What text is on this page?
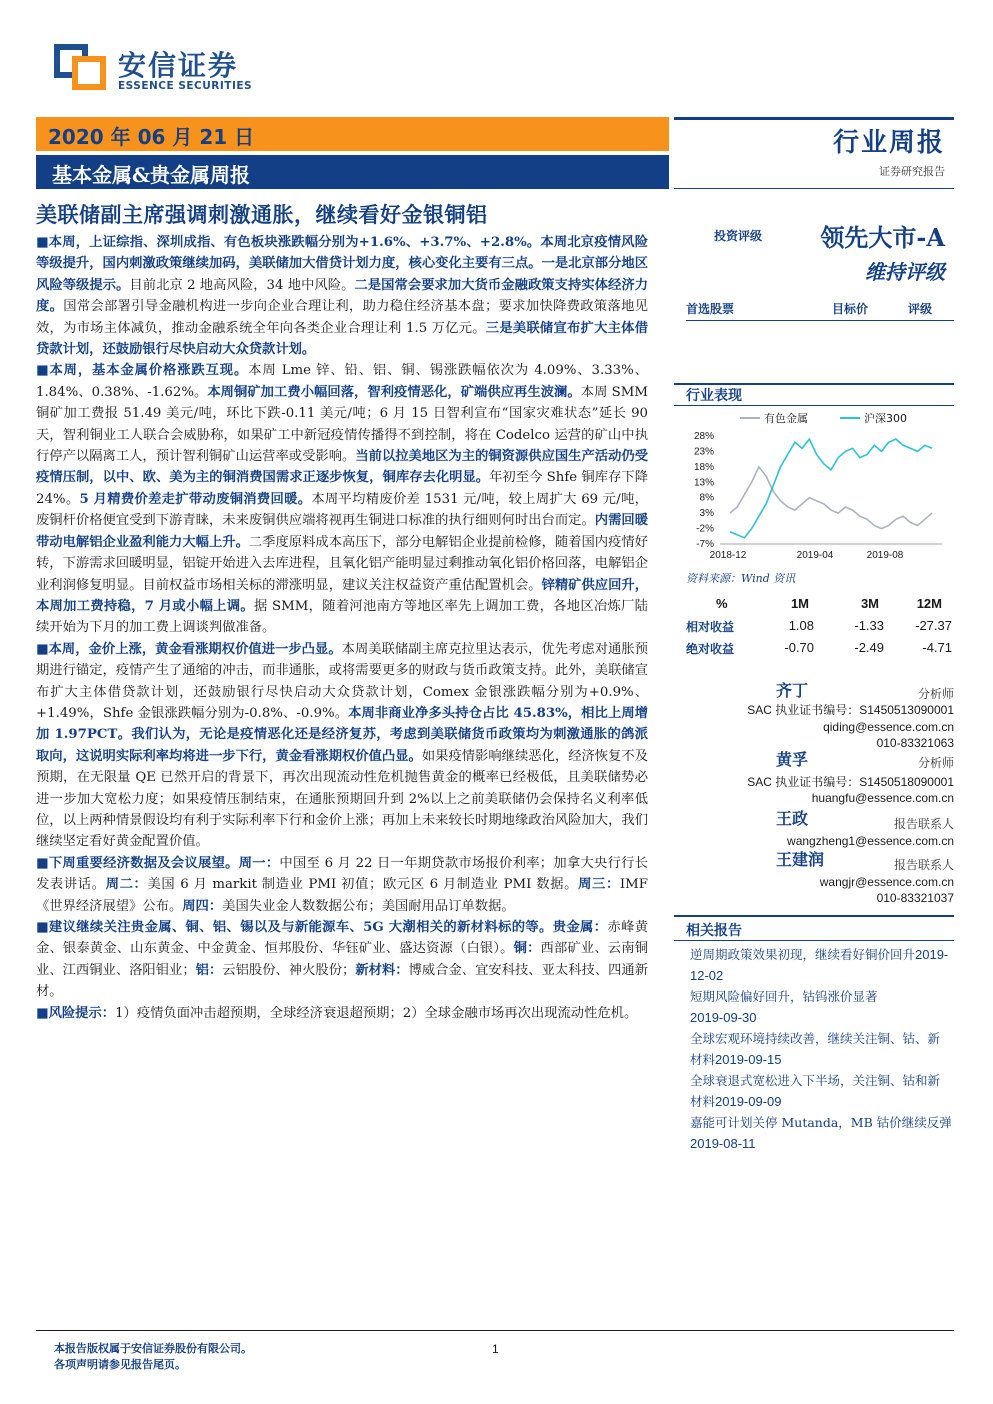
安信证券
ESSENCE SECURITIES
2020 年 06 月 21 日
基本金属&贵金属周报
行业周报
证券研究报告
美联储副主席强调刺激通胀，继续看好金银铜铝

■本周，上证综指、深圳成指、有色板块涨跌幅分别为+1.6%、+3.7%、+2.8%。本周北京疫情风险等级提升，国内刺激政策继续加码，美联储加大借贷计划力度，核心变化主要有三点。一是北京部分地区风险等级提示。目前北京 2 地高风险，34 地中风险。二是国常会要求加大货币金融政策支持实体经济力度。国常会部署引导金融机构进一步向企业合理让利，助力稳住经济基本盘；要求加快降费政策落地见效，为市场主体减负，推动金融系统全年向各类企业合理让利 1.5 万亿元。三是美联储宣布扩大主体借贷款计划，还鼓励银行尽快启动大众贷款计划。

■本周，基本金属价格涨跌互现。本周 Lme 锌、铅、铝、铜、锡涨跌幅依次为 4.09%、3.33%、1.84%、0.38%、-1.62%。本周铜矿加工费小幅回落，智利疫情恶化，矿端供应再生波澜。本周 SMM 铜矿加工费报 51.49 美元/吨，环比下跌-0.11 美元/吨；6 月 15 日智利宣布“国家灾难状态”延长 90 天，智利铜业工人联合会威胁称，如果矿工中新冠疫情传播得不到控制，将在 Codelco 运营的矿山中执行停产以隔离工人，预计智利铜矿山运营率或受影响。当前以拉美地区为主的铜资源供应国生产活动仍受疫情压制，以中、欧、美为主的铜消费国需求正逐步恢复，铜库存去化明显。年初至今 Shfe 铜库存下降 24%。5 月精费价差走扩带动废铜消费回暖。本周平均精废价差 1531 元/吨，较上周扩大 69 元/吨，废铜杆价格便宜受到下游青睐，未来废铜供应端将视再生铜进口标准的执行细则何时出台而定。内需回暖带动电解铝企业盈利能力大幅上升。二季度原料成本高压下，部分电解铝企业提前检修，随着国内疫情好转，下游需求回暖明显，铝锭开始进入去库进程，且氧化铝产能明显过剩推动氧化铝价格回落，电解铝企业利润修复明显。目前权益市场相关标的滞涨明显，建议关注权益资产重估配置机会。锌精矿供应回升，本周加工费持稳，7 月或小幅上调。据 SMM，随着河池南方等地区率先上调加工费，各地区冶炼厂陆续开始为下月的加工费上调谈判做准备。

■本周，金价上涨，黄金看涨期权价值进一步凸显。本周美联储副主席克拉里达表示，优先考虑对通胀预期进行锚定，疫情产生了通缩的冲击，而非通胀，或将需要更多的财政与货币政策支持。此外，美联储宣布扩大主体借贷款计划，还鼓励银行尽快启动大众贷款计划，Comex 金银涨跌幅分别为+0.9%、+1.49%，Shfe 金银涨跌幅分别为-0.8%、-0.9%。本周非商业净多头持仓占比 45.83%，相比上周增加 1.97PCT。我们认为，无论是疫情恶化还是经济复苏，考虑到美联储货币政策均为刺激通胀的鸽派取向，这说明实际利率均将进一步下行，黄金看涨期权价值凸显。如果疫情影响继续恶化，经济恢复不及预期，在无限量 QE 已然开启的背景下，再次出现流动性危机抛售黄金的概率已经极低，且美联储势必进一步加大宽松力度；如果疫情压制结束，在通胀预期回升到 2%以上之前美联储仍会保持名义利率低位，以上两种情景假设均有利于实际利率下行和金价上涨；再加上未来较长时期地缘政治风险加大，我们继续坚定看好黄金配置价值。

■下周重要经济数据及会议展望。周一：中国至 6 月 22 日一年期贷款市场报价利率；加拿大央行行长发表讲话。周二：美国 6 月 markit 制造业 PMI 初值；欧元区 6 月制造业 PMI 数据。周三：IMF《世界经济展望》公布。周四：美国失业金人数数据公布；美国耐用品订单数据。

■建议继续关注贵金属、铜、铝、锡以及与新能源车、5G 大潮相关的新材料标的等。贵金属：赤峰黄金、银泰黄金、山东黄金、中金黄金、恒邦股份、华钰矿业、盛达资源（白银）。铜：西部矿业、云南铜业、江西铜业、洛阳钼业；铝：云铝股份、神火股份；新材料：博威合金、宜安科技、亚太科技、四通新材。

■风险提示：1）疫情负面冲击超预期，全球经济衰退超预期；2）全球金融市场再次出现流动性危机。

投资评级 领先大市-A
维持评级
首选股票	目标价	评级
行业表现
28%
23%
18%
13%
8%
3%
-2%
-7%
2018-12	2019-04	2019-08
有色金属	沪深300
资料来源：Wind 资讯
%	1M	3M	12M
相对收益	1.08	-1.33 -27.37
绝对收益	-0.70	-2.49	-4.71
齐丁	分析师
SAC 执业证书编号：S1450513090001
qiding@essence.com.cn
010-83321063
黄孚	分析师
SAC 执业证书编号：S1450518090001
huangfu@essence.com.cn
王政	报告联系人
wangzheng1@essence.com.cn
王建润	报告联系人
wangjr@essence.com.cn
010-83321037
相关报告
逆周期政策效果初现，继续看好铜价回升2019-12-02
短期风险偏好回升，钴钨涨价显著
2019-09-30
全球宏观环境持续改善，继续关注铜、钴、新材料2019-09-15
全球衰退式宽松进入下半场，关注铜、钴和新材料2019-09-09
嘉能可计划关停 Mutanda，MB 钴价继续反弹2019-08-11
本报告版权属于安信证券股份有限公司。
各项声明请参见报告尾页。
1
